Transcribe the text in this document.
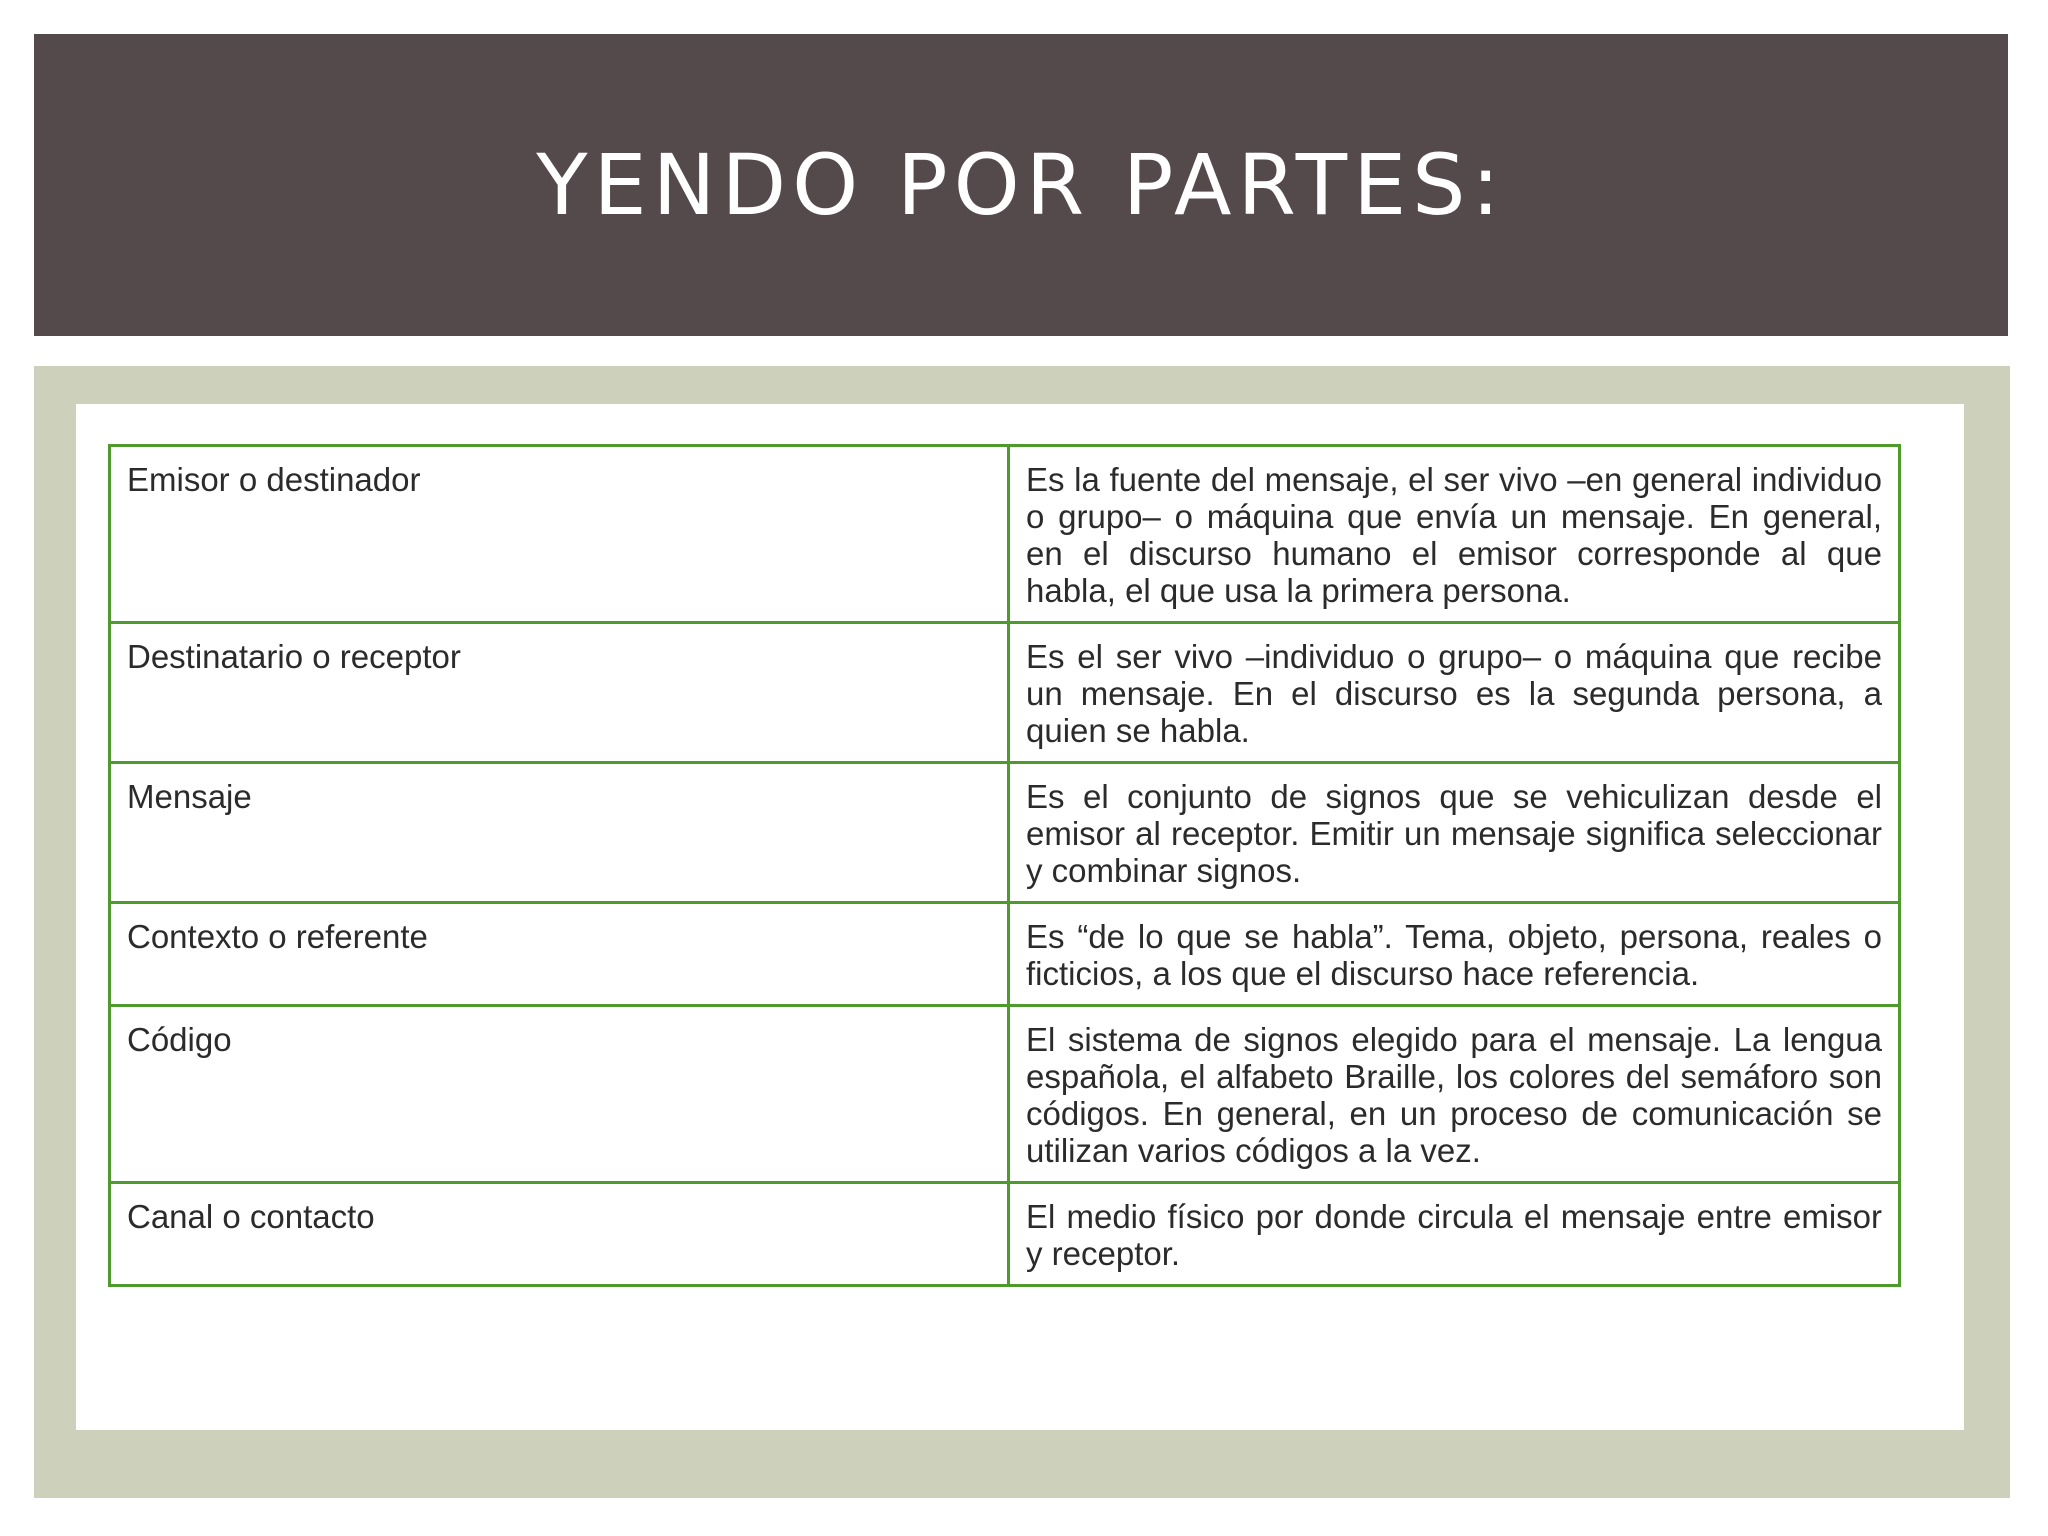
YENDO POR PARTES:
Emisor o destinador	Es la fuente del mensaje, el ser vivo –en general individuo o grupo– o máquina que envía un mensaje. En general, en el discurso humano el emisor corresponde al que habla, el que usa la primera persona.
Destinatario o receptor	Es el ser vivo –individuo o grupo– o máquina que recibe un mensaje. En el discurso es la segunda persona, a quien se habla.
Mensaje	Es el conjunto de signos que se vehiculizan desde el emisor al receptor. Emitir un mensaje significa seleccionar y combinar signos.
Contexto o referente	Es “de lo que se habla”. Tema, objeto, persona, reales o ficticios, a los que el discurso hace referencia.
Código	El sistema de signos elegido para el mensaje. La lengua española, el alfabeto Braille, los colores del semáforo son códigos. En general, en un proceso de comunicación se utilizan varios códigos a la vez.
Canal o contacto	El medio físico por donde circula el mensaje entre emisor y receptor.
